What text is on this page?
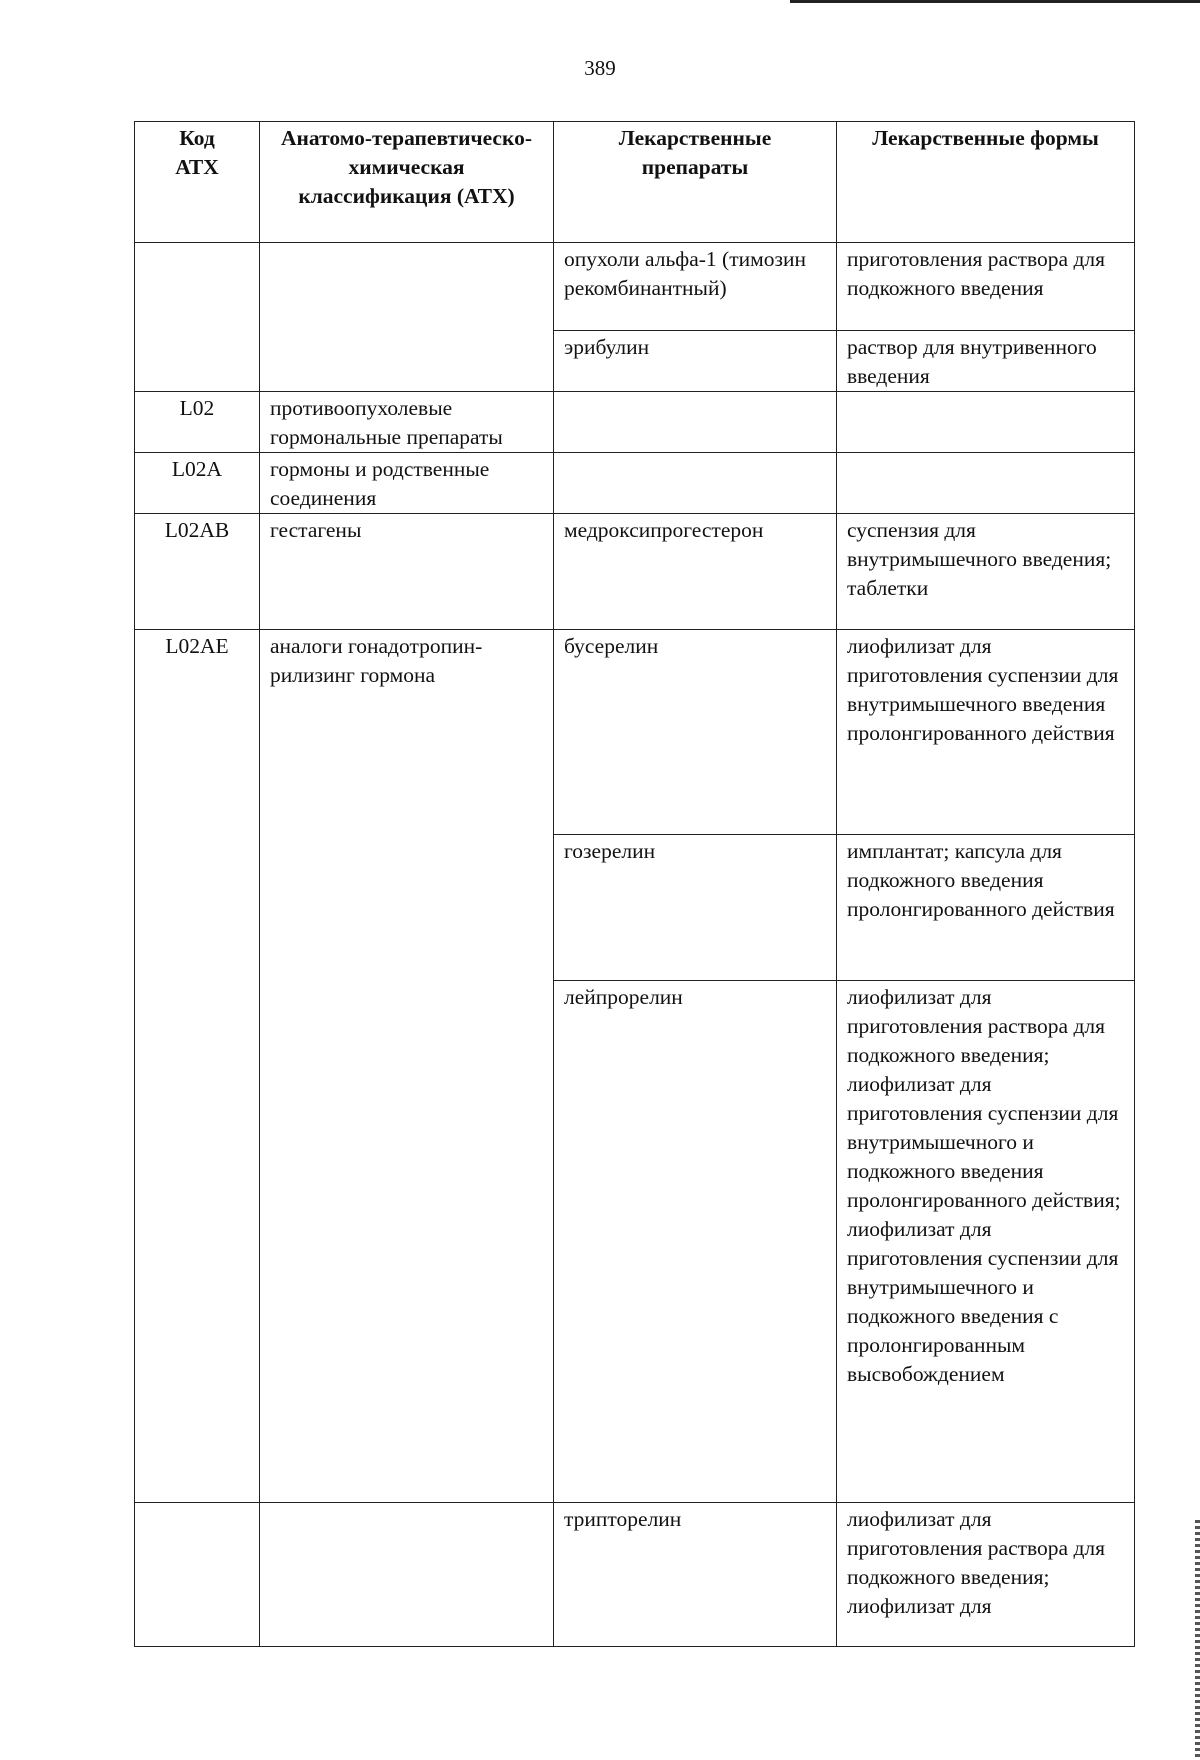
389
Код АТХ	Анатомо-терапевтическо-химическая классификация (АТХ)	Лекарственные препараты	Лекарственные формы
		опухоли альфа-1 (тимозин рекомбинантный)	приготовления раствора для подкожного введения
		эрибулин	раствор для внутривенного введения
L02	противоопухолевые гормональные препараты		
L02A	гормоны и родственные соединения		
L02AB	гестагены	медроксипрогестерон	суспензия для внутримышечного введения; таблетки
L02AE	аналоги гонадотропин-рилизинг гормона	бусерелин	лиофилизат для приготовления суспензии для внутримышечного введения пролонгированного действия
		гозерелин	имплантат; капсула для подкожного введения пролонгированного действия
		лейпрорелин	лиофилизат для приготовления раствора для подкожного введения; лиофилизат для приготовления суспензии для внутримышечного и подкожного введения пролонгированного действия; лиофилизат для приготовления суспензии для внутримышечного и подкожного введения с пролонгированным высвобождением
		трипторелин	лиофилизат для приготовления раствора для подкожного введения; лиофилизат для
